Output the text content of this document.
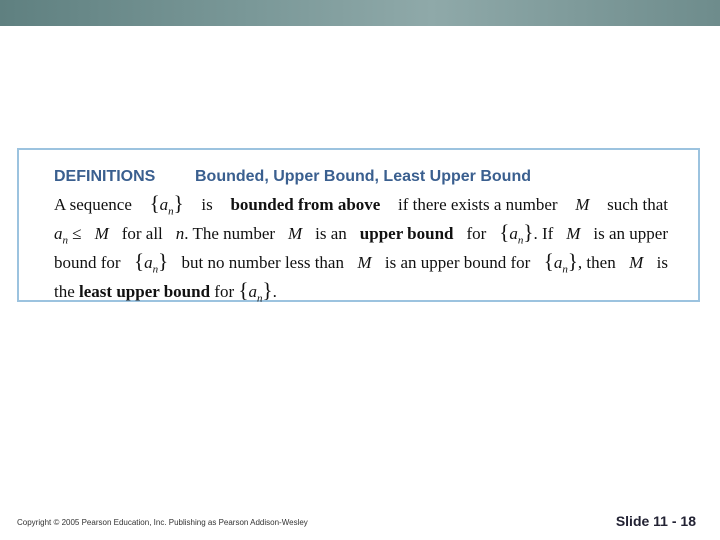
DEFINITIONS Bounded, Upper Bound, Least Upper Bound
A sequence $\{a_n\}$ is bounded from above if there exists a number M such that
$a_n \le M$ for all n. The number M is an upper bound for $\{a_n\}$. If M is an upper
bound for $\{a_n\}$ but no number less than M is an upper bound for $\{a_n\}$, then M is
the least upper bound for $\{a_n\}$.
Copyright © 2005 Pearson Education, Inc. Publishing as Pearson Addison-Wesley	Slide 11 - 18
